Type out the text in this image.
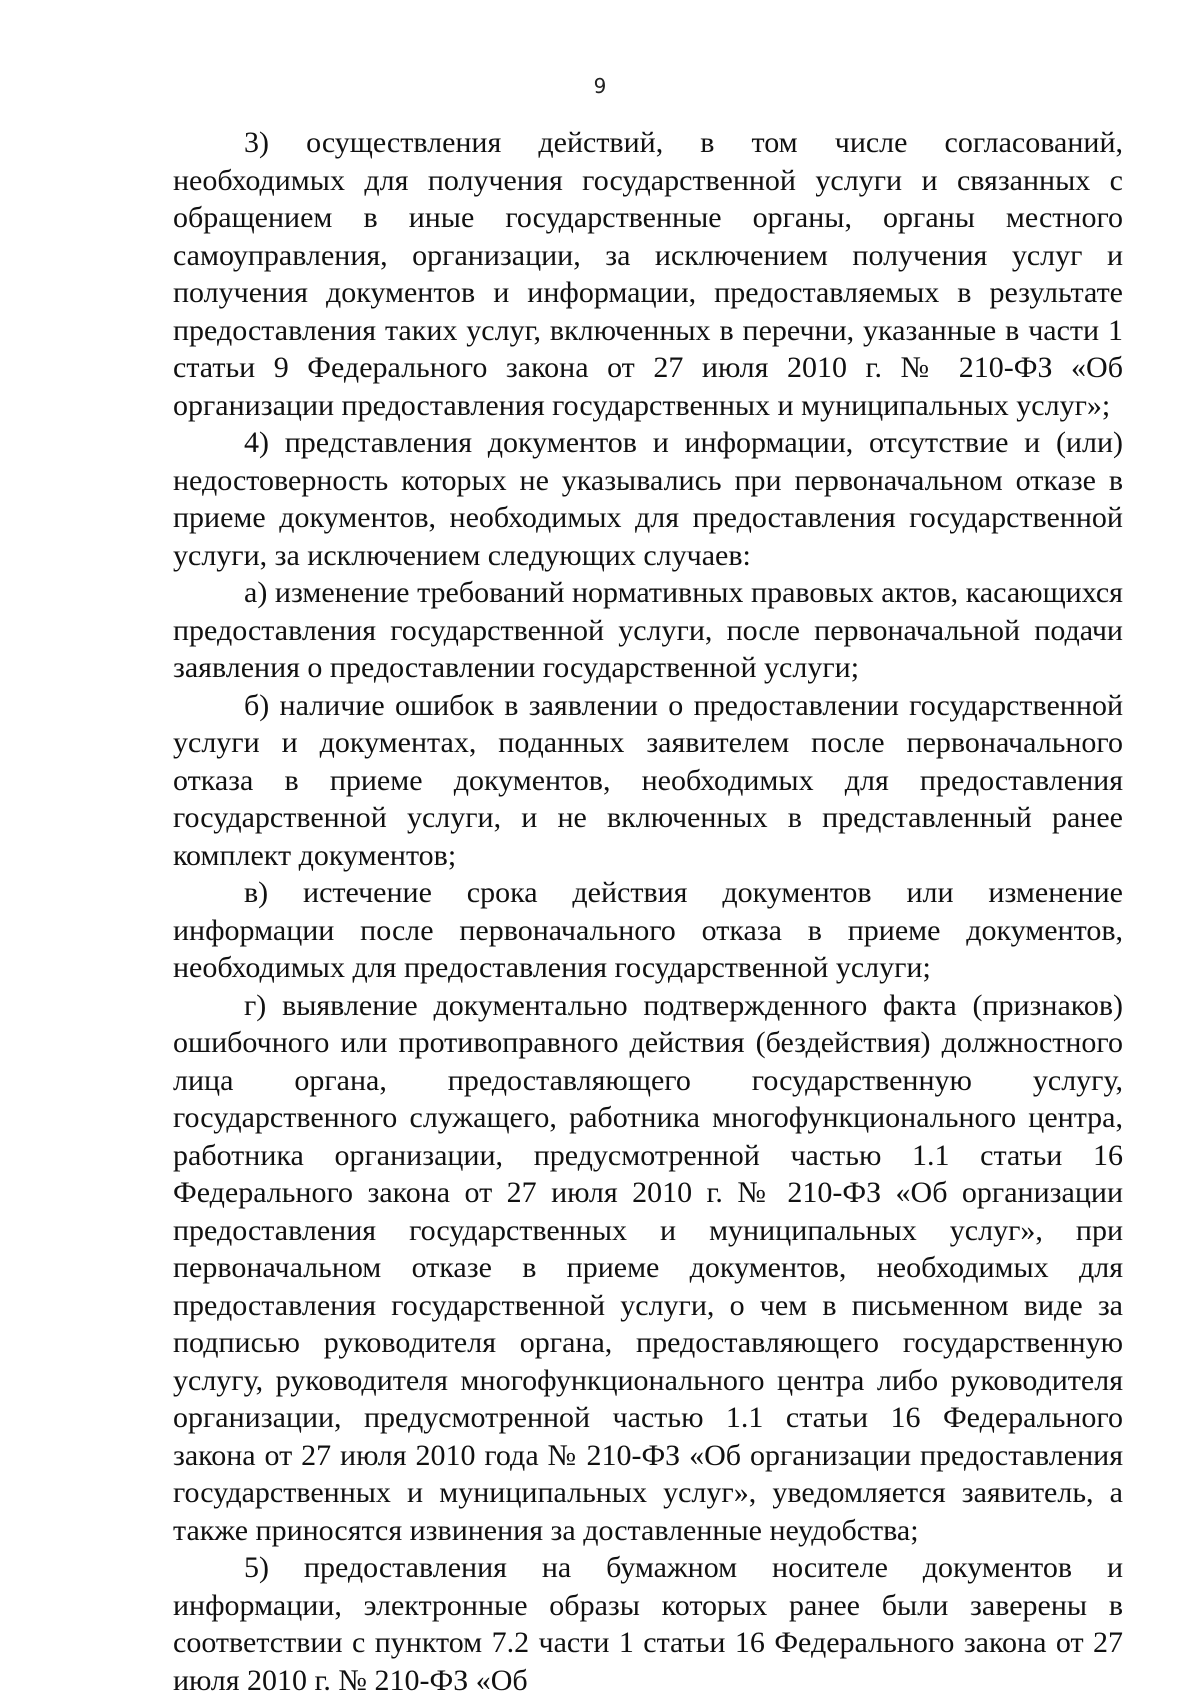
9

3) осуществления действий, в том числе согласований, необходимых для получения государственной услуги и связанных с обращением в иные государственные органы, органы местного самоуправления, организации, за исключением получения услуг и получения документов и информации, предоставляемых в результате предоставления таких услуг, включенных в перечни, указанные в части 1 статьи 9 Федерального закона от 27 июля 2010 г. № 210-ФЗ «Об организации предоставления государственных и муниципальных услуг»;

4) представления документов и информации, отсутствие и (или) недостоверность которых не указывались при первоначальном отказе в приеме документов, необходимых для предоставления государственной услуги, за исключением следующих случаев:

а) изменение требований нормативных правовых актов, касающихся предоставления государственной услуги, после первоначальной подачи заявления о предоставлении государственной услуги;

б) наличие ошибок в заявлении о предоставлении государственной услуги и документах, поданных заявителем после первоначального отказа в приеме документов, необходимых для предоставления государственной услуги, и не включенных в представленный ранее комплект документов;

в) истечение срока действия документов или изменение информации после первоначального отказа в приеме документов, необходимых для предоставления государственной услуги;

г) выявление документально подтвержденного факта (признаков) ошибочного или противоправного действия (бездействия) должностного лица органа, предоставляющего государственную услугу, государственного служащего, работника многофункционального центра, работника организации, предусмотренной частью 1.1 статьи 16 Федерального закона от 27 июля 2010 г. № 210-ФЗ «Об организации предоставления государственных и муниципальных услуг», при первоначальном отказе в приеме документов, необходимых для предоставления государственной услуги, о чем в письменном виде за подписью руководителя органа, предоставляющего государственную услугу, руководителя многофункционального центра либо руководителя организации, предусмотренной частью 1.1 статьи 16 Федерального закона от 27 июля 2010 года № 210-ФЗ «Об организации предоставления государственных и муниципальных услуг», уведомляется заявитель, а также приносятся извинения за доставленные неудобства;

5) предоставления на бумажном носителе документов и информации, электронные образы которых ранее были заверены в соответствии с пунктом 7.2 части 1 статьи 16 Федерального закона от 27 июля 2010 г. № 210-ФЗ «Об
